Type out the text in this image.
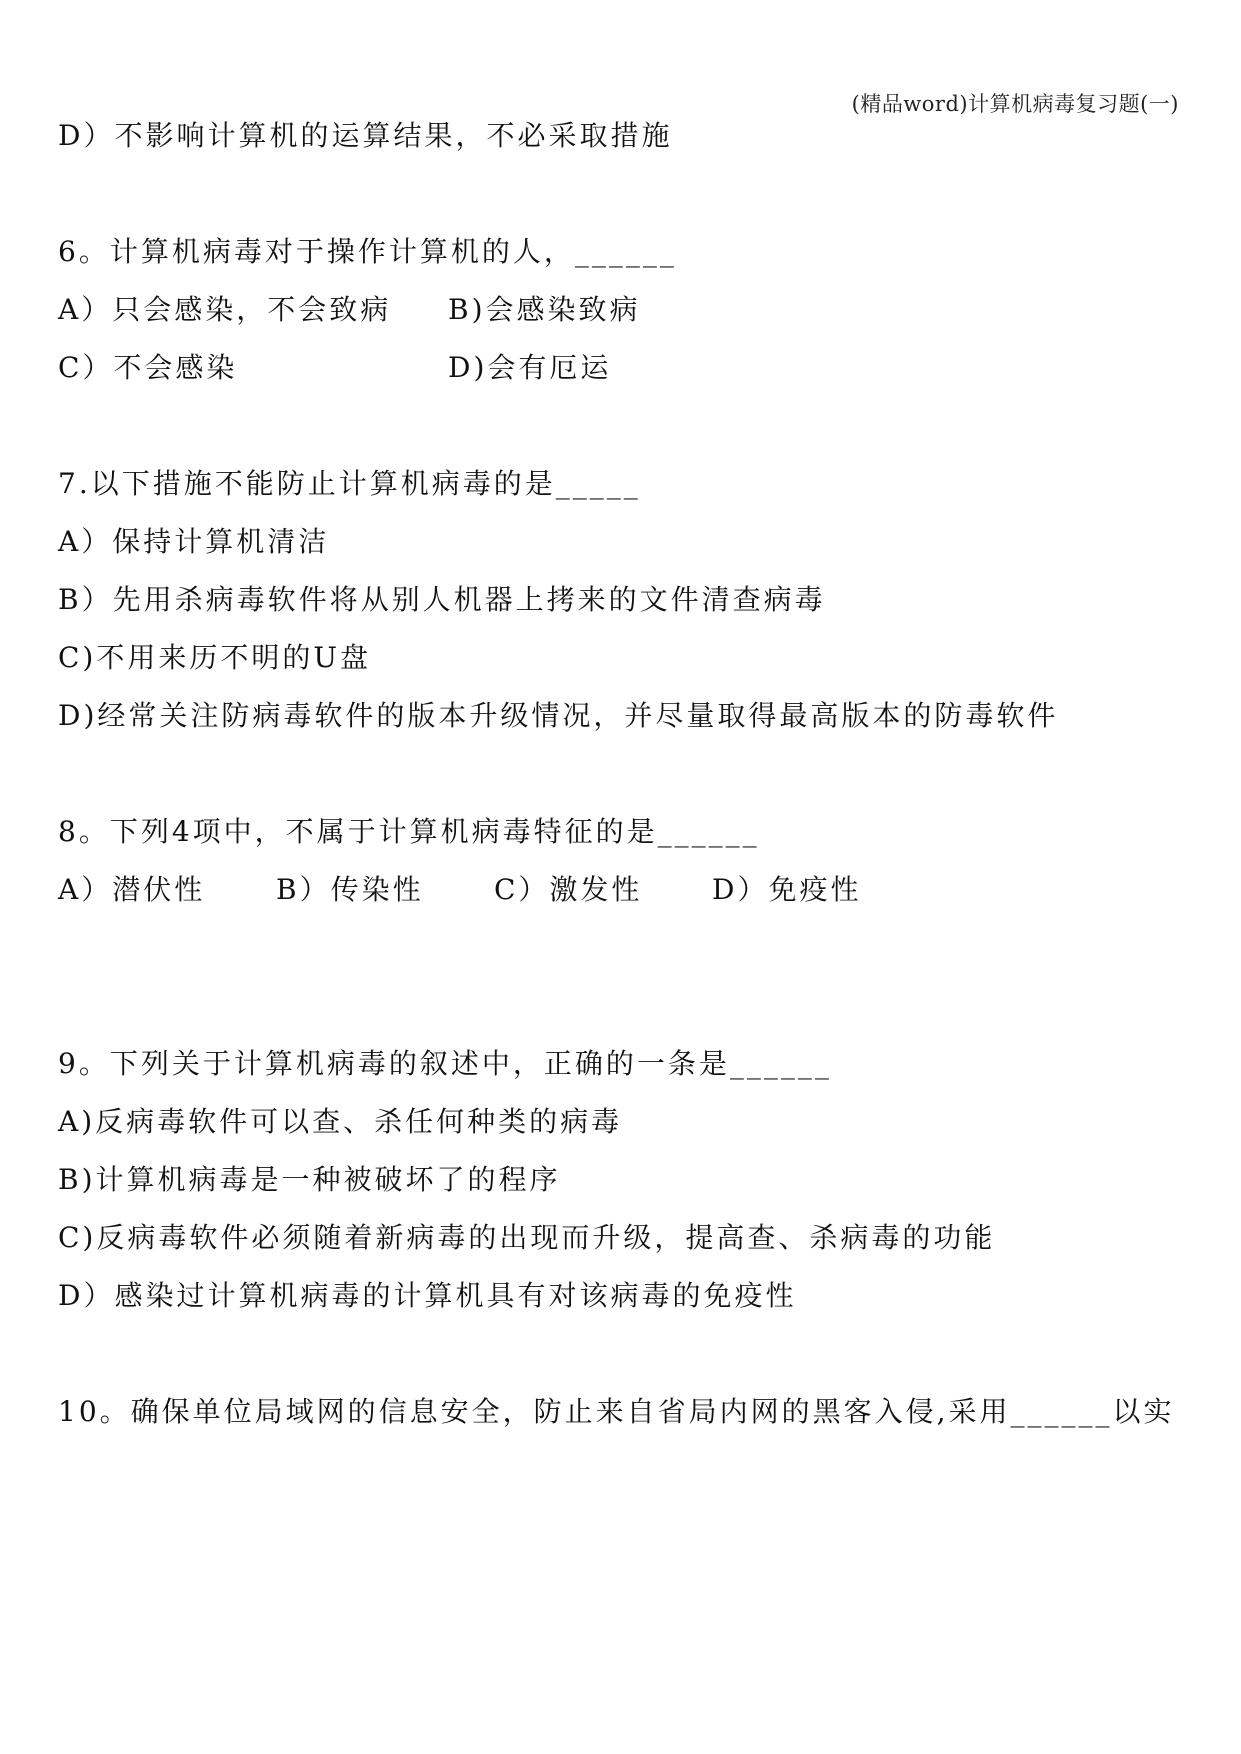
(精品word)计算机病毒复习题(一)
D）不影响计算机的运算结果，不必采取措施
6。计算机病毒对于操作计算机的人，______
A）只会感染，不会致病 B)会感染致病
C）不会感染	D)会有厄运
7.以下措施不能防止计算机病毒的是_____
A）保持计算机清洁
B）先用杀病毒软件将从别人机器上拷来的文件清查病毒
C)不用来历不明的U盘
D)经常关注防病毒软件的版本升级情况，并尽量取得最高版本的防毒软件
8。下列4项中，不属于计算机病毒特征的是______
A）潜伏性	B）传染性	C）激发性 D）免疫性
9。下列关于计算机病毒的叙述中，正确的一条是______
A)反病毒软件可以查、杀任何种类的病毒
B)计算机病毒是一种被破坏了的程序
C)反病毒软件必须随着新病毒的出现而升级，提高查、杀病毒的功能
D）感染过计算机病毒的计算机具有对该病毒的免疫性
10。确保单位局域网的信息安全，防止来自省局内网的黑客入侵,采用______以实
